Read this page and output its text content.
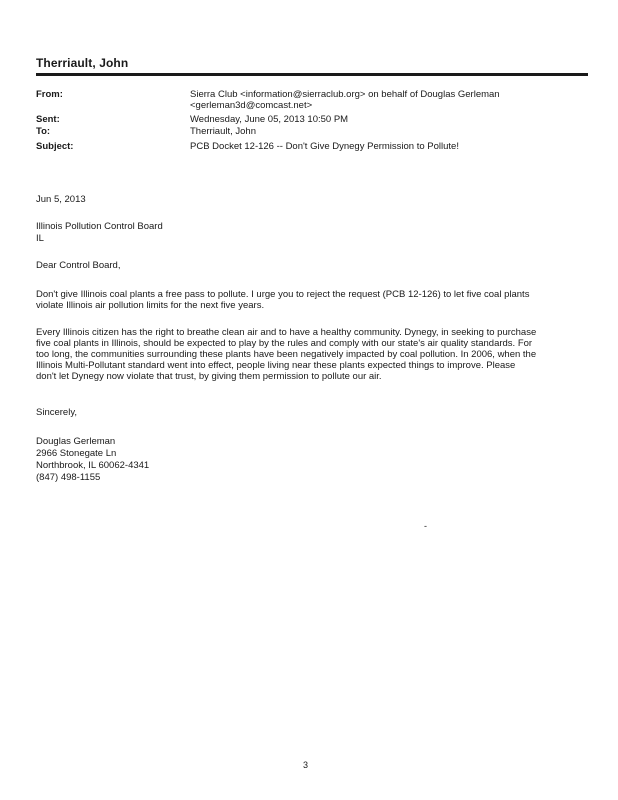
Therriault, John
From:	Sierra Club <information@sierraclub.org> on behalf of Douglas Gerleman
<gerleman3d@comcast.net>
Sent:	Wednesday, June 05, 2013 10:50 PM
To:	Therriault, John
Subject:	PCB Docket 12-126 -- Don't Give Dynegy Permission to Pollute!
Jun 5, 2013
Illinois Pollution Control Board
IL
Dear Control Board,
Don't give Illinois coal plants a free pass to pollute. I urge you to reject the request (PCB 12-126) to let five coal plants
violate Illinois air pollution limits for the next five years.
Every Illinois citizen has the right to breathe clean air and to have a healthy community. Dynegy, in seeking to purchase
five coal plants in Illinois, should be expected to play by the rules and comply with our state's air quality standards. For
too long, the communities surrounding these plants have been negatively impacted by coal pollution. In 2006, when the
Illinois Multi-Pollutant standard went into effect, people living near these plants expected things to improve. Please
don't let Dynegy now violate that trust, by giving them permission to pollute our air.
Sincerely,
Douglas Gerleman
2966 Stonegate Ln
Northbrook, IL 60062-4341
(847) 498-1155
-
3
